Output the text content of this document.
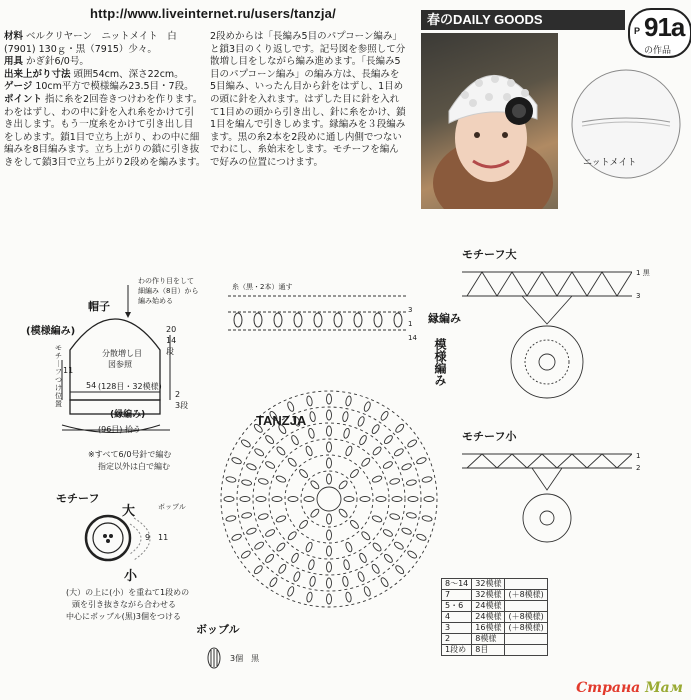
http://www.liveinternet.ru/users/tanzja/	春のDAILY GOODS
P 91a
の作品
材料 ベルクリヤーン　ニットメイト　白
(7901) 130ｇ・黒（7915）少々。
用具 かぎ針6/0号。
出来上がり寸法 頭囲54cm、深さ22cm。
ゲージ 10cm平方で模様編み23.5目・7段。
ポイント 指に糸を2回巻きつけわを作ります。
わをはずし、わの中に針を入れ糸をかけて引
き出します。もう一度糸をかけて引き出し目
をしめます。鎖1目で立ち上がり、わの中に細
編みを8目編みます。立ち上がりの鎖に引き抜
きをして鎖3目で立ち上がり2段めを編みます。
2段めからは「長編み5目のパプコーン編み」
と鎖3目のくり返しです。記号図を参照して分
散増し目をしながら編み進めます。「長編み5
目のパプコーン編み」の編み方は、長編みを
5目編み、いったん目から針をはずし、1目め
の頭に針を入れます。はずした目に針を入れ
て1目めの頭から引き出し、針に糸をかけ、鎖
1目を編んで引きしめます。縁編みを３段編み
ます。黒の糸2本を2段めに通し内側でつない
でわにし、糸始末をします。モチーフを編ん
で好みの位置につけます。	ニットメイト
帽子
(模様編み)
わの作り目をして
細編み（8目）から
編み始める
分散増し目
図参照
モチ｜フつけ位置
20
14
段
11
54 (128目・32模様)
(縁編み)
2
3段
(96目) 拾う
※すべて6/0号針で編む
指定以外は白で編む
モチーフ
大	ボッブル
9 11
小
(大）の上に(小）を重ねて1段めの
頭を引き抜きながら合わせる
中心にボッブル(黒)3個をつける
糸（黒・2本）通す
3
1
14
縁編み
模様編み
TANZJA
モチーフ大
1 黒
3
モチーフ小
1
2
ボッブル
3個　 黒
8～14	32模様	
7	32模様	(＋8模様)
5・6	24模様	
4	24模様	(＋8模様)
3	16模様	(＋8模様)
2	8模様	
1段め	8目	
Страна Мам
